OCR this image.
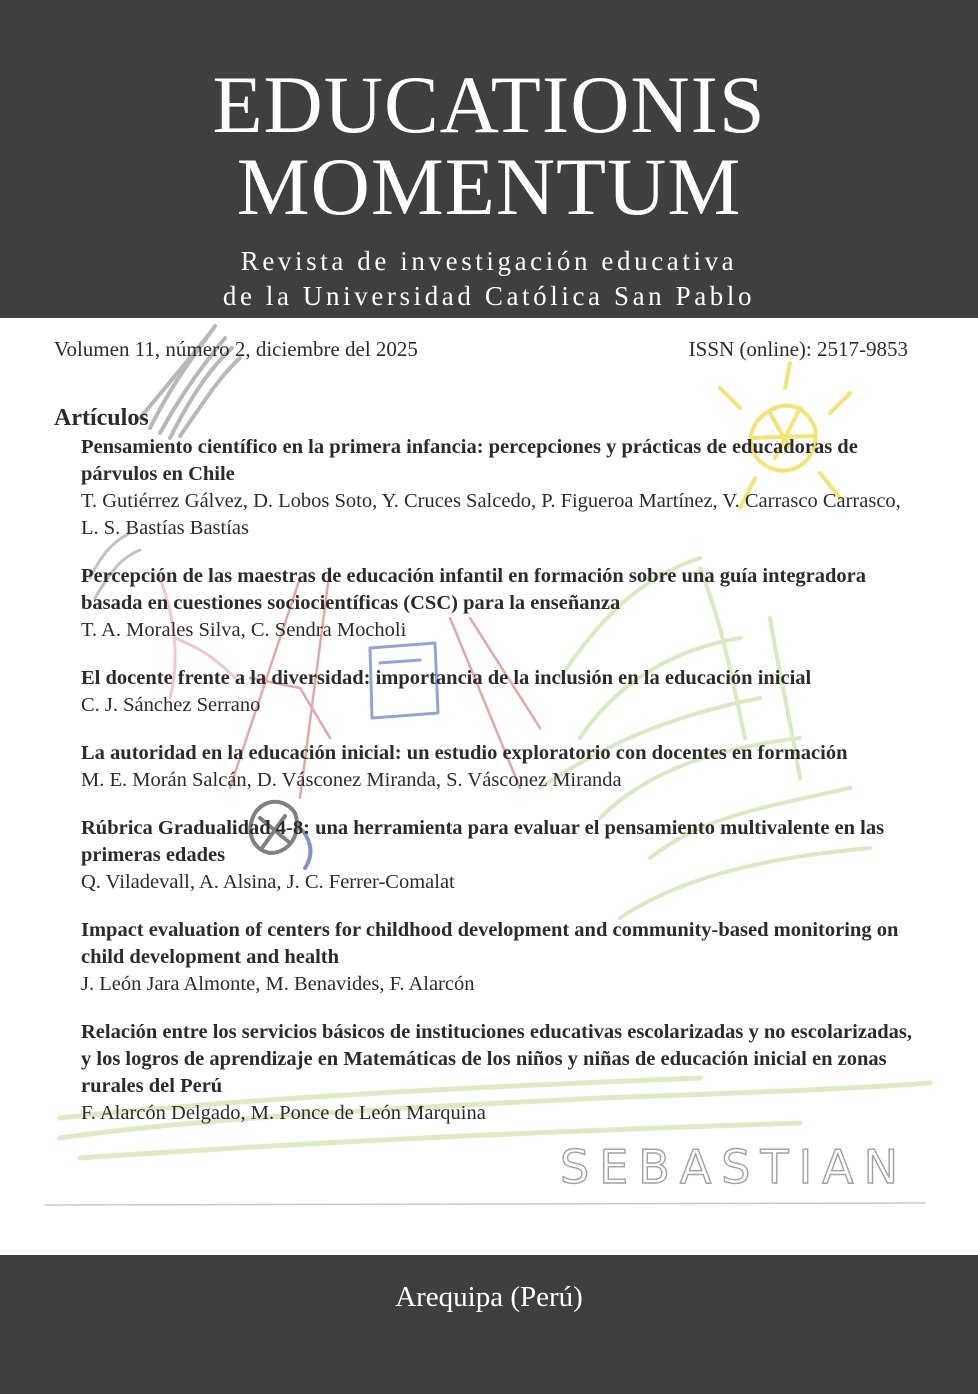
EDUCATIONIS
MOMENTUM
Revista de investigación educativa
de la Universidad Católica San Pablo
SEBASTIAN
Volumen 11, número 2, diciembre del 2025	ISSN (online): 2517-9853
Artículos
Pensamiento científico en la primera infancia: percepciones y prácticas de educadoras de párvulos en Chile
T. Gutiérrez Gálvez, D. Lobos Soto, Y. Cruces Salcedo, P. Figueroa Martínez, V. Carrasco Carrasco, L. S. Bastías Bastías
Percepción de las maestras de educación infantil en formación sobre una guía integradora basada en cuestiones sociocientíficas (CSC) para la enseñanza
T. A. Morales Silva, C. Sendra Mocholi
El docente frente a la diversidad: importancia de la inclusión en la educación inicial
C. J. Sánchez Serrano
La autoridad en la educación inicial: un estudio exploratorio con docentes en formación
M. E. Morán Salcán, D. Vásconez Miranda, S. Vásconez Miranda
Rúbrica Gradualidad 4-8: una herramienta para evaluar el pensamiento multivalente en las primeras edades
Q. Viladevall, A. Alsina, J. C. Ferrer-Comalat
Impact evaluation of centers for childhood development and community-based monitoring on child development and health
J. León Jara Almonte, M. Benavides, F. Alarcón
Relación entre los servicios básicos de instituciones educativas escolarizadas y no escolarizadas, y los logros de aprendizaje en Matemáticas de los niños y niñas de educación inicial en zonas rurales del Perú
F. Alarcón Delgado, M. Ponce de León Marquina
Arequipa (Perú)
